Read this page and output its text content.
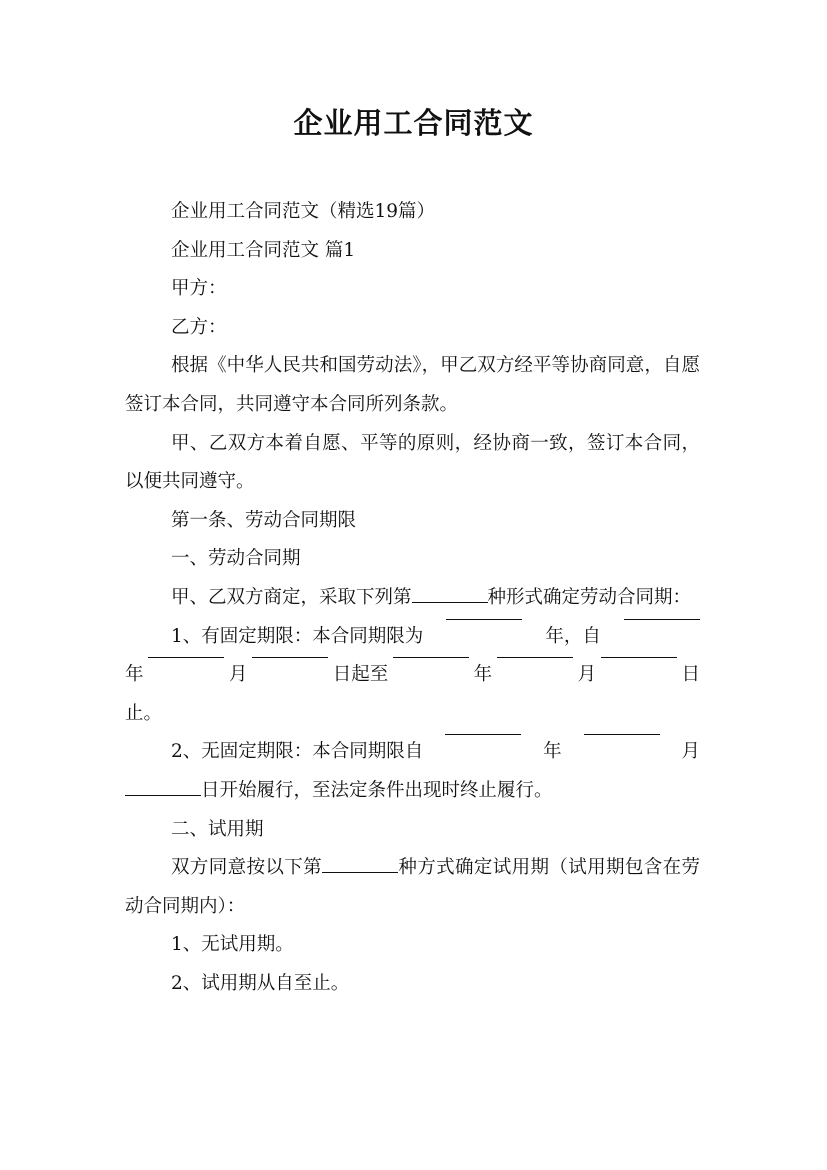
企业用工合同范文

企业用工合同范文（精选19篇）

企业用工合同范文 篇1

甲方：

乙方：

根据《中华人民共和国劳动法》，甲乙双方经平等协商同意，自愿签订本合同，共同遵守本合同所列条款。

甲、乙双方本着自愿、平等的原则，经协商一致，签订本合同，以便共同遵守。

第一条、劳动合同期限

一、劳动合同期

甲、乙双方商定，采取下列第	种形式确定劳动合同期：

1、有固定期限：本合同期限为	年，自
年	月	日起至	年	月	日
止。
2、无固定期限：本合同期限自	年	月
日开始履行，至法定条件出现时终止履行。

二、试用期

双方同意按以下第	种方式确定试用期（试用期包含在劳动合同期内）：

1、无试用期。

2、试用期从自至止。
